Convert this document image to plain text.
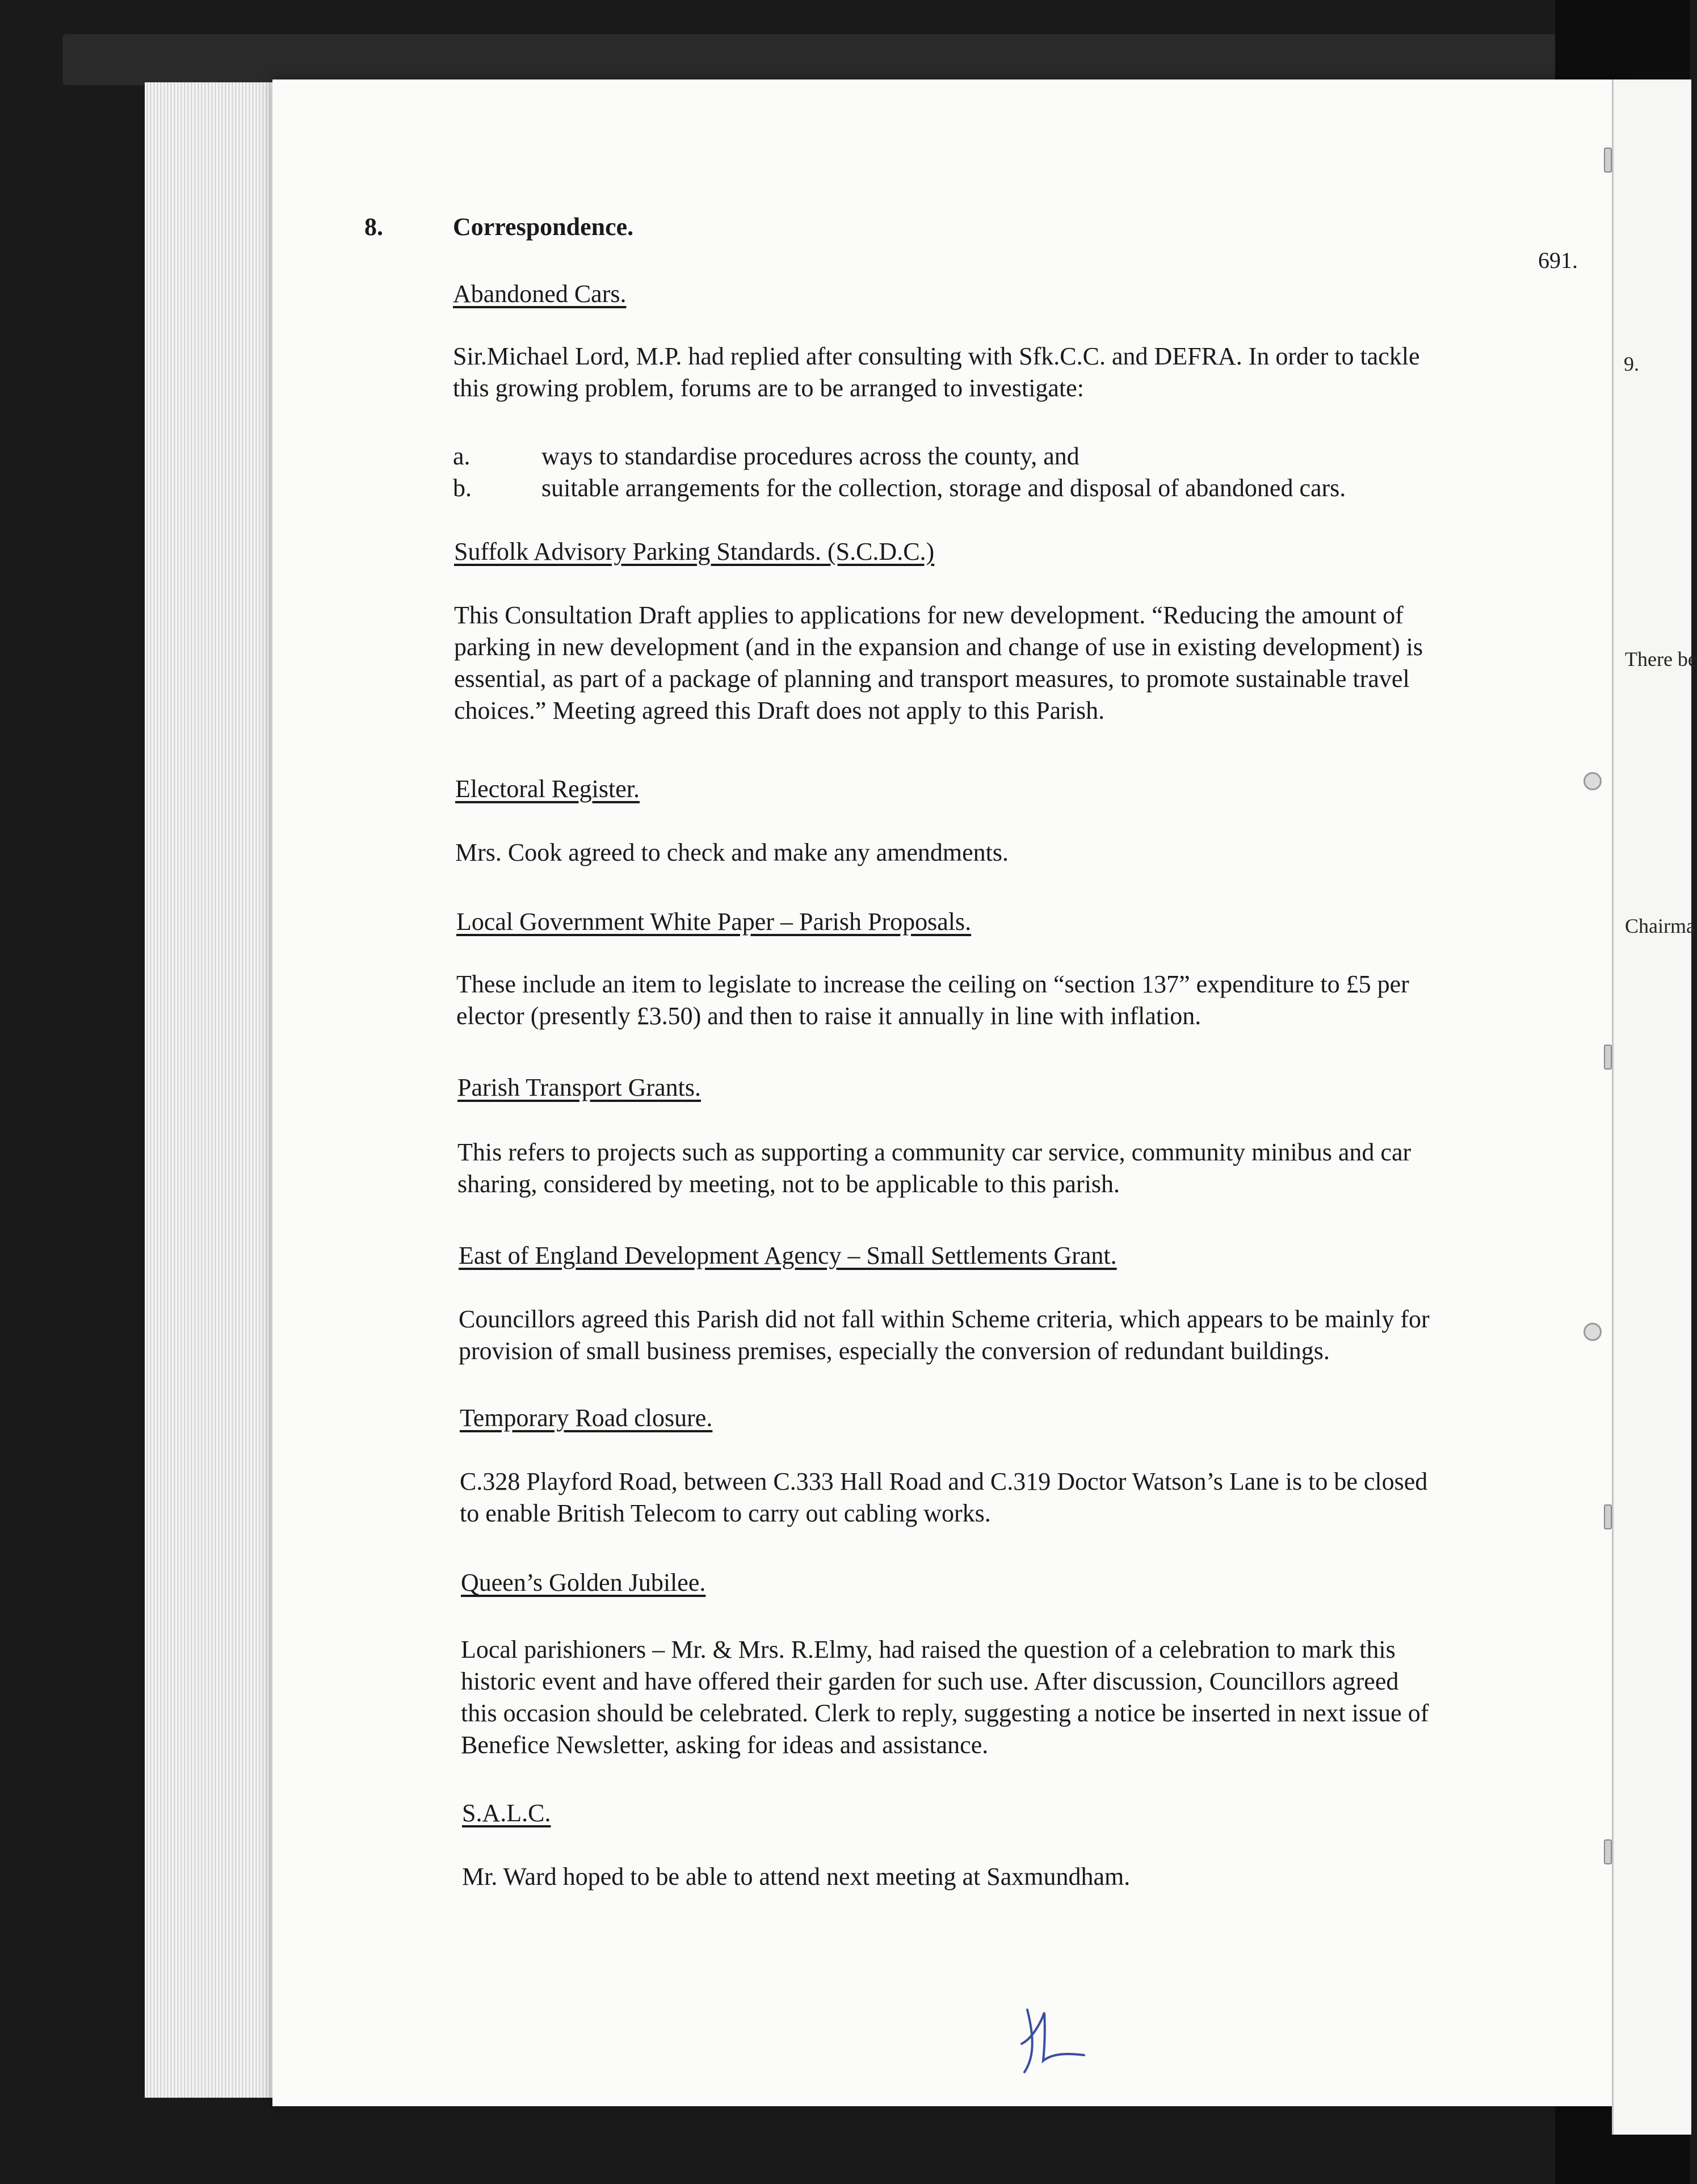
691.
8.	Correspondence.
Abandoned Cars.
Sir.Michael Lord, M.P. had replied after consulting with Sfk.C.C. and DEFRA. In order to tackle
this growing problem, forums are to be arranged to investigate:
a.	ways to standardise procedures across the county, and
b.	suitable arrangements for the collection, storage and disposal of abandoned cars.
Suffolk Advisory Parking Standards. (S.C.D.C.)
This Consultation Draft applies to applications for new development. “Reducing the amount of
parking in new development (and in the expansion and change of use in existing development) is
essential, as part of a package of planning and transport measures, to promote sustainable travel
choices.” Meeting agreed this Draft does not apply to this Parish.
Electoral Register.
Mrs. Cook agreed to check and make any amendments.
Local Government White Paper – Parish Proposals.
These include an item to legislate to increase the ceiling on “section 137” expenditure to £5 per
elector (presently £3.50) and then to raise it annually in line with inflation.
Parish Transport Grants.
This refers to projects such as supporting a community car service, community minibus and car
sharing, considered by meeting, not to be applicable to this parish.
East of England Development Agency – Small Settlements Grant.
Councillors agreed this Parish did not fall within Scheme criteria, which appears to be mainly for
provision of small business premises, especially the conversion of redundant buildings.
Temporary Road closure.
C.328 Playford Road, between C.333 Hall Road and C.319 Doctor Watson’s Lane is to be closed
to enable British Telecom to carry out cabling works.
Queen’s Golden Jubilee.
Local parishioners – Mr. & Mrs. R.Elmy, had raised the question of a celebration to mark this
historic event and have offered their garden for such use. After discussion, Councillors agreed
this occasion should be celebrated. Clerk to reply, suggesting a notice be inserted in next issue of
Benefice Newsletter, asking for ideas and assistance.
S.A.L.C.
Mr. Ward hoped to be able to attend next meeting at Saxmundham.
9.
There be
Chairma
